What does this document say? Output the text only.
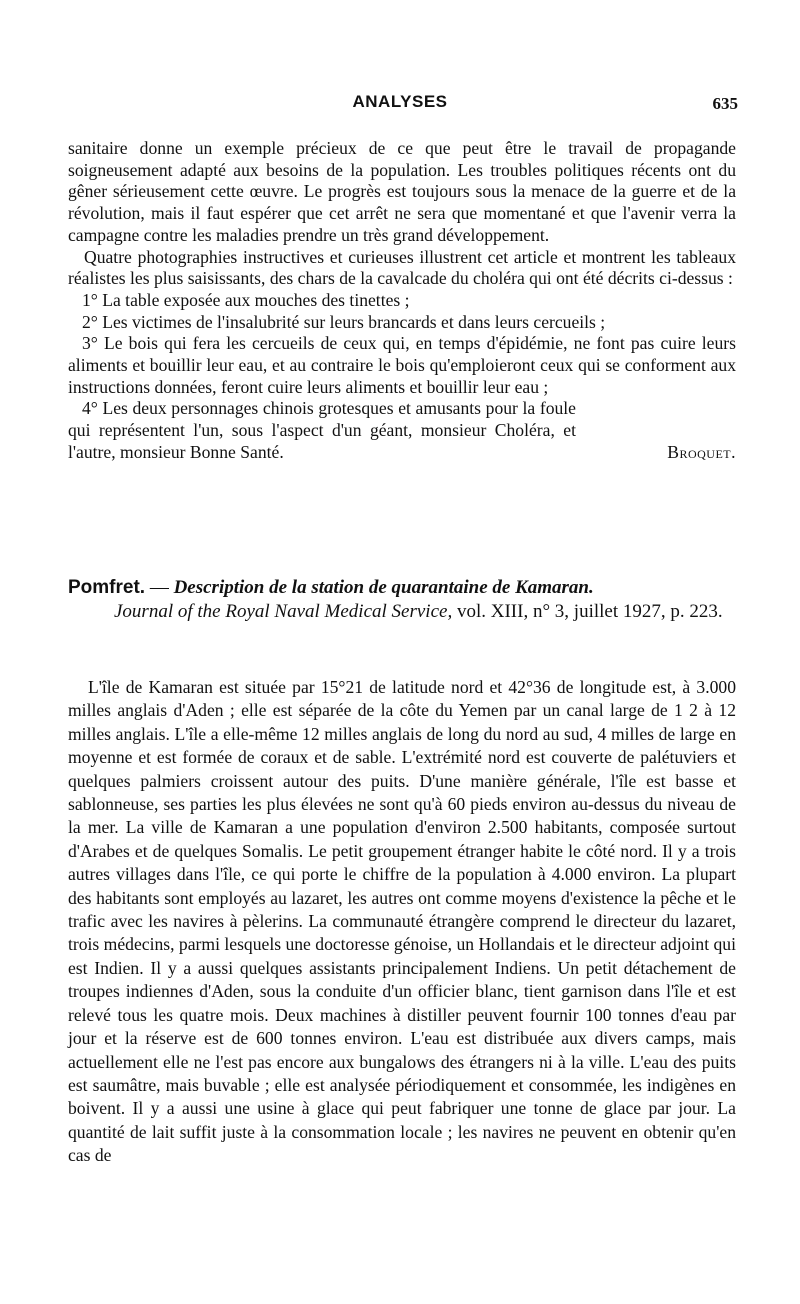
ANALYSES	635

sanitaire donne un exemple précieux de ce que peut être le travail de propagande soigneusement adapté aux besoins de la population. Les troubles politiques récents ont du gêner sérieusement cette œuvre. Le progrès est toujours sous la menace de la guerre et de la révolution, mais il faut espérer que cet arrêt ne sera que momentané et que l'avenir verra la campagne contre les maladies prendre un très grand développement.

Quatre photographies instructives et curieuses illustrent cet article et montrent les tableaux réalistes les plus saisissants, des chars de la cavalcade du choléra qui ont été décrits ci-dessus :

1° La table exposée aux mouches des tinettes ;

2° Les victimes de l'insalubrité sur leurs brancards et dans leurs cercueils ;

3° Le bois qui fera les cercueils de ceux qui, en temps d'épidémie, ne font pas cuire leurs aliments et bouillir leur eau, et au contraire le bois qu'emploieront ceux qui se conforment aux instructions données, feront cuire leurs aliments et bouillir leur eau ;

4° Les deux personnages chinois grotesques et amusants pour la foule qui représentent l'un, sous l'aspect d'un géant, monsieur Choléra, et l'autre, monsieur Bonne Santé.	Broquet.

Pomfret. — Description de la station de quarantaine de Kamaran.
Journal of the Royal Naval Medical Service, vol. XIII, n° 3, juillet 1927, p. 223.

L'île de Kamaran est située par 15°21 de latitude nord et 42°36 de longitude est, à 3.000 milles anglais d'Aden ; elle est séparée de la côte du Yemen par un canal large de 1 2 à 12 milles anglais. L'île a elle-même 12 milles anglais de long du nord au sud, 4 milles de large en moyenne et est formée de coraux et de sable. L'extrémité nord est couverte de palétuviers et quelques palmiers croissent autour des puits. D'une manière générale, l'île est basse et sablonneuse, ses parties les plus élevées ne sont qu'à 60 pieds environ au-dessus du niveau de la mer. La ville de Kamaran a une population d'environ 2.500 habitants, composée surtout d'Arabes et de quelques Somalis. Le petit groupement étranger habite le côté nord. Il y a trois autres villages dans l'île, ce qui porte le chiffre de la population à 4.000 environ. La plupart des habitants sont employés au lazaret, les autres ont comme moyens d'existence la pêche et le trafic avec les navires à pèlerins. La communauté étrangère comprend le directeur du lazaret, trois médecins, parmi lesquels une doctoresse génoise, un Hollandais et le directeur adjoint qui est Indien. Il y a aussi quelques assistants principalement Indiens. Un petit détachement de troupes indiennes d'Aden, sous la conduite d'un officier blanc, tient garnison dans l'île et est relevé tous les quatre mois. Deux machines à distiller peuvent fournir 100 tonnes d'eau par jour et la réserve est de 600 tonnes environ. L'eau est distribuée aux divers camps, mais actuellement elle ne l'est pas encore aux bungalows des étrangers ni à la ville. L'eau des puits est saumâtre, mais buvable ; elle est analysée périodiquement et consommée, les indigènes en boivent. Il y a aussi une usine à glace qui peut fabriquer une tonne de glace par jour. La quantité de lait suffit juste à la consommation locale ; les navires ne peuvent en obtenir qu'en cas de
